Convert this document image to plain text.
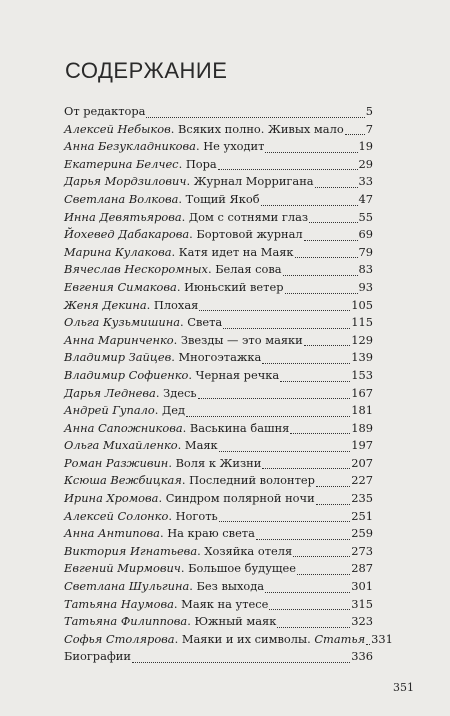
СОДЕРЖАНИЕ
От редактора	5
Алексей Небыков. Всяких полно. Живых мало 7
Анна Безукладникова. Не уходит	19
Екатерина Белчес. Пора	29
Дарья Мордзилович. Журнал Морригана	33
Светлана Волкова. Тощий Якоб	47
Инна Девятьярова. Дом с сотнями глаз	55
Йохевед Дабакарова. Бортовой журнал	69
Марина Кулакова. Катя идет на Маяк	79
Вячеслав Нескоромных. Белая сова	83
Евгения Симакова. Июньский ветер	93
Женя Декина. Плохая	105
Ольга Кузьмишина. Света	115
Анна Маринченко. Звезды — это маяки	129
Владимир Зайцев. Многоэтажка	139
Владимир Софиенко. Черная речка	153
Дарья Леднева. Здесь	167
Андрей Гупало. Дед	181
Анна Сапожникова. Васькина башня	189
Ольга Михайленко. Маяк	197
Роман Разживин. Воля к Жизни	207
Ксюша Вежбицкая. Последний волонтер	227
Ирина Хромова. Синдром полярной ночи	235
Алексей Солонко. Ноготь	251
Анна Антипова. На краю света	259
Виктория Игнатьева. Хозяйка отеля	273
Евгений Мирмович. Большое будущее	287
Светлана Шульгина. Без выхода	301
Татьяна Наумова. Маяк на утесе	315
Татьяна Филиппова. Южный маяк	323
Софья Столярова. Маяки и их символы. Статья 331
Биографии	336
351
